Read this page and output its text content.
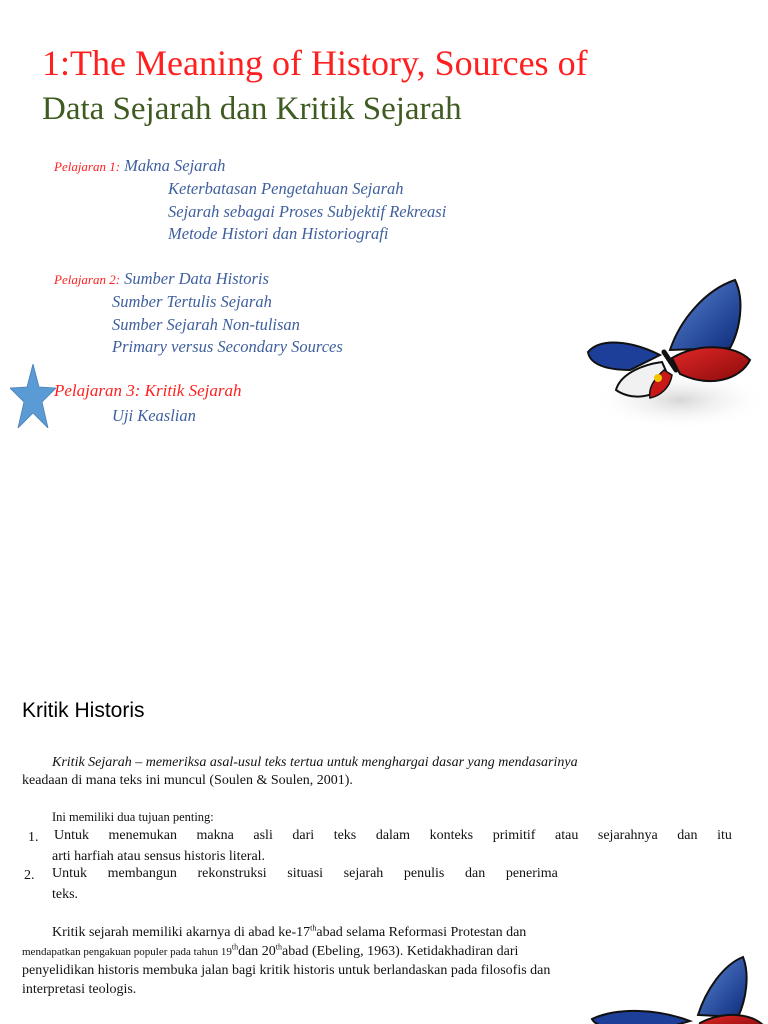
1:The Meaning of History, Sources of
Data Sejarah dan Kritik Sejarah
Pelajaran 1: Makna Sejarah
Keterbatasan Pengetahuan Sejarah
Sejarah sebagai Proses Subjektif Rekreasi
Metode Histori dan Historiografi
Pelajaran 2: Sumber Data Historis
Sumber Tertulis Sejarah
Sumber Sejarah Non-tulisan
Primary versus Secondary Sources
Pelajaran 3: Kritik Sejarah
Uji Keaslian
Kritik Historis
Kritik Sejarah – memeriksa asal-usul teks tertua untuk menghargai dasar yang mendasarinya
keadaan di mana teks ini muncul (Soulen & Soulen, 2001).
Ini memiliki dua tujuan penting:
1. Untuk menemukan makna asli dari teks dalam konteks primitif atau sejarahnya dan itu
arti harfiah atau sensus historis literal.
2. Untuk membangun rekonstruksi situasi sejarah penulis dan penerima
teks.
Kritik sejarah memiliki akarnya di abad ke-17thabad selama Reformasi Protestan dan
mendapatkan pengakuan populer pada tahun 19thdan 20thabad (Ebeling, 1963). Ketidakhadiran dari
penyelidikan historis membuka jalan bagi kritik historis untuk berlandaskan pada filosofis dan
interpretasi teologis.
